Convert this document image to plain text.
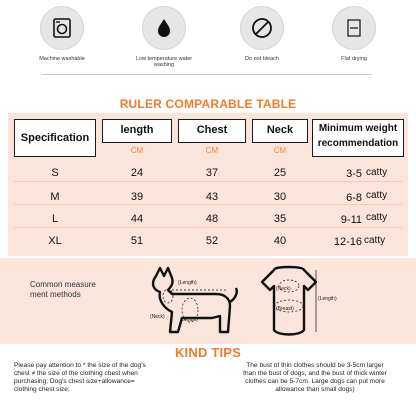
Machine washable	Low temperature water washing
Do not bleach	Flat drying
RULER COMPARABLE TABLE
Specification
length	Chest	Neck	Minimum weight
recommendation
CM	CM	CM
S	24	37	25	3-5 catty
M	39	43	30	6-8 catty
L	44	48	35	9-11 catty
XL	51	52	40	12-16 catty
Common measure
ment methods
(Length)
(Neck)	(Breast)
(Neck)
(Breast)
(Length)
KIND TIPS
Please pay attention to * the size of the dog's
chest ≠ the size of the clothing chest when
purchasing; Dog's chest size+allowance=
clothing chest size;
The bust of thin clothes should be 3-5cm larger
than the bust of dogs, and the bust of thick winter
clothes can be 5-7cm. Large dogs can put more
allowance than small dogs)
